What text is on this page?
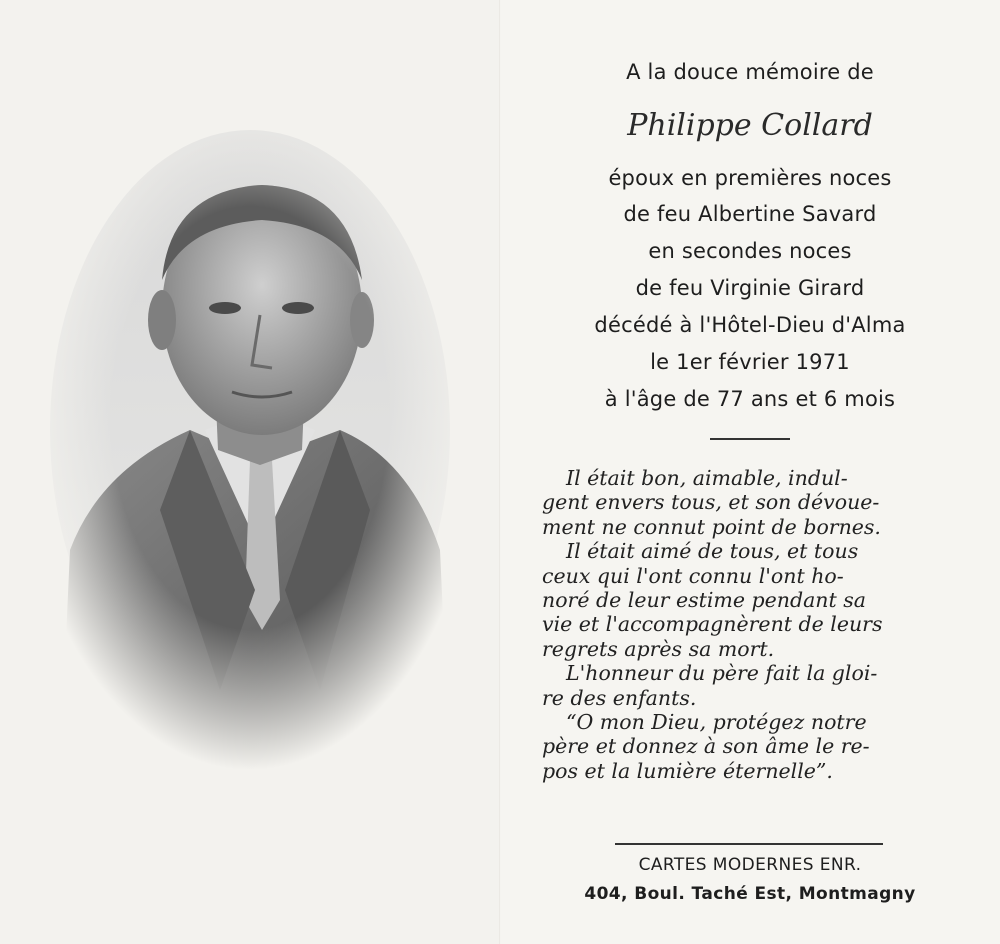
A la douce mémoire de
Philippe Collard
époux en premières noces
de feu Albertine Savard
en secondes noces
de feu Virginie Girard
décédé à l'Hôtel-Dieu d'Alma
le 1er février 1971
à l'âge de 77 ans et 6 mois
Il était bon, aimable, indul-
gent envers tous, et son dévoue-
ment ne connut point de bornes.
Il était aimé de tous, et tous
ceux qui l'ont connu l'ont ho-
noré de leur estime pendant sa
vie et l'accompagnèrent de leurs
regrets après sa mort.
L'honneur du père fait la gloi-
re des enfants.
“O mon Dieu, protégez notre
père et donnez à son âme le re-
pos et la lumière éternelle”.
CARTES MODERNES ENR.
404, Boul. Taché Est, Montmagny
